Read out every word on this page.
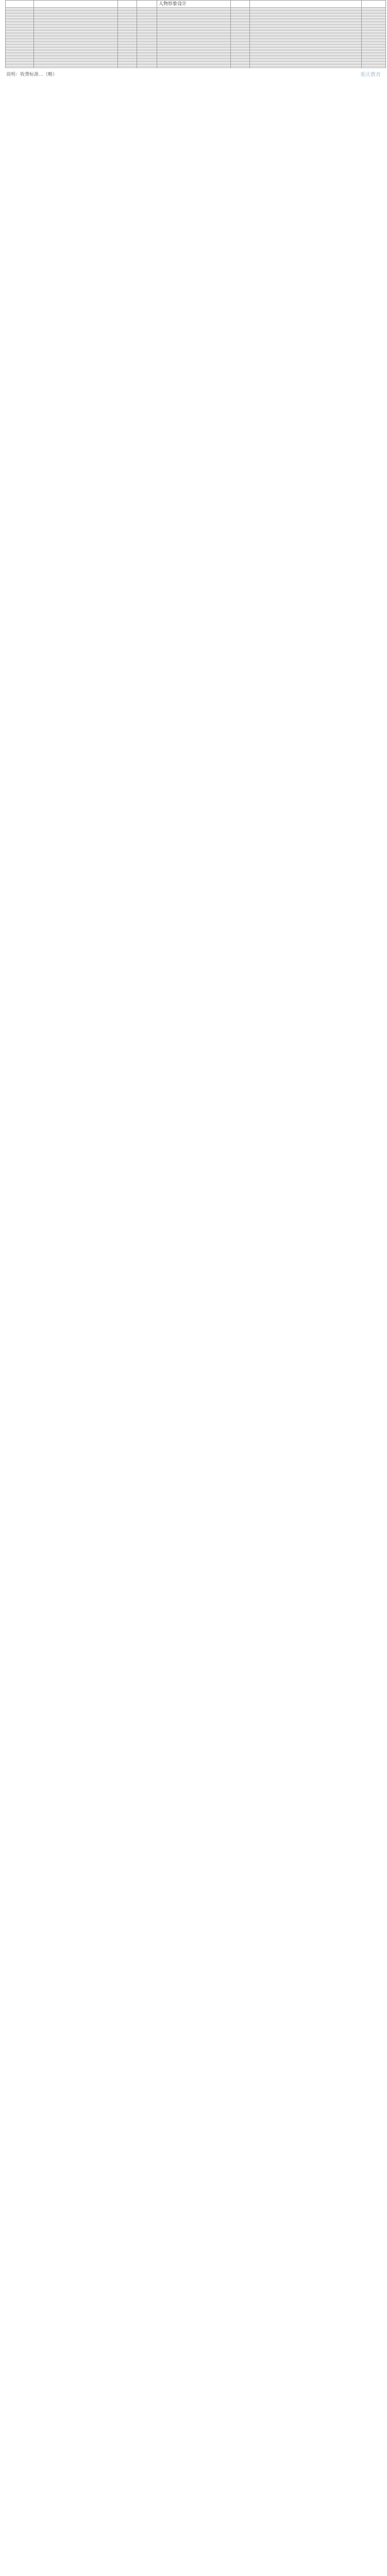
				人物形象设计			

说明：收费标准…（略）	重庆教育
